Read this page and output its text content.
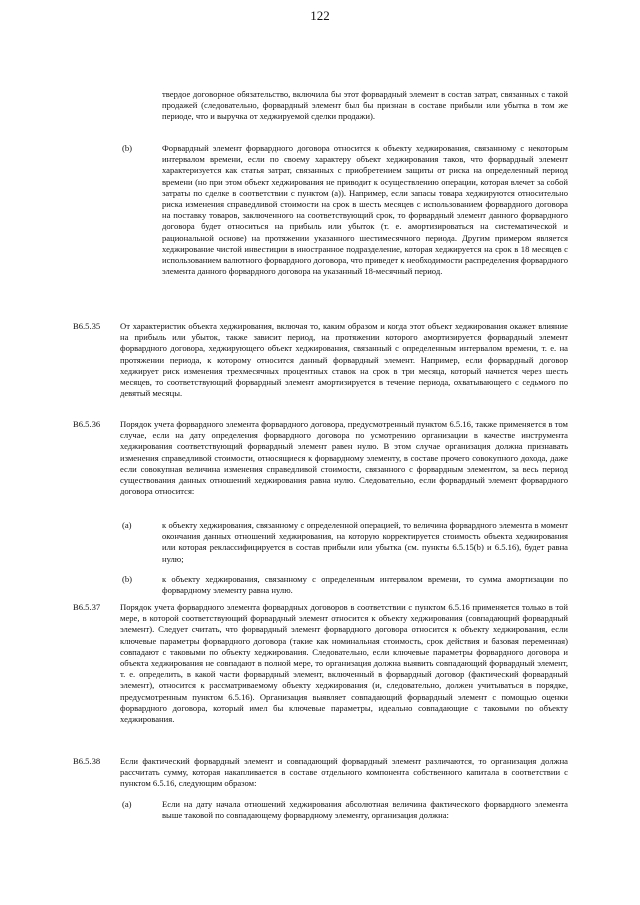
122
твердое договорное обязательство, включила бы этот форвардный элемент в состав затрат, связанных с такой продажей (следовательно, форвардный элемент был бы признан в составе прибыли или убытка в том же периоде, что и выручка от хеджируемой сделки продажи).
(b)	Форвардный элемент форвардного договора относится к объекту хеджирования, связанному с некоторым интервалом времени, если по своему характеру объект хеджирования таков, что форвардный элемент характеризуется как статья затрат, связанных с приобретением защиты от риска на определенный период времени (но при этом объект хеджирования не приводит к осуществлению операции, которая влечет за собой затраты по сделке в соответствии с пунктом (a)). Например, если запасы товара хеджируются относительно риска изменения справедливой стоимости на срок в шесть месяцев с использованием форвардного договора на поставку товаров, заключенного на соответствующий срок, то форвардный элемент данного форвардного договора будет относиться на прибыль или убыток (т. е. амортизироваться на систематической и рациональной основе) на протяжении указанного шестимесячного периода. Другим примером является хеджирование чистой инвестиции в иностранное подразделение, которая хеджируется на срок в 18 месяцев с использованием валютного форвардного договора, что приведет к необходимости распределения форвардного элемента данного форвардного договора на указанный 18-месячный период.
B6.5.35 От характеристик объекта хеджирования, включая то, каким образом и когда этот объект хеджирования окажет влияние на прибыль или убыток, также зависит период, на протяжении которого амортизируется форвардный элемент форвардного договора, хеджирующего объект хеджирования, связанный с определенным интервалом времени, т. е. на протяжении периода, к которому относится данный форвардный элемент. Например, если форвардный договор хеджирует риск изменения трехмесячных процентных ставок на срок в три месяца, который начнется через шесть месяцев, то соответствующий форвардный элемент амортизируется в течение периода, охватывающего с седьмого по девятый месяцы.
B6.5.36 Порядок учета форвардного элемента форвардного договора, предусмотренный пунктом 6.5.16, также применяется в том случае, если на дату определения форвардного договора по усмотрению организации в качестве инструмента хеджирования соответствующий форвардный элемент равен нулю. В этом случае организация должна признавать изменения справедливой стоимости, относящиеся к форвардному элементу, в составе прочего совокупного дохода, даже если совокупная величина изменения справедливой стоимости, связанного с форвардным элементом, за весь период существования данных отношений хеджирования равна нулю. Следовательно, если форвардный элемент форвардного договора относится:
(a)	к объекту хеджирования, связанному с определенной операцией, то величина форвардного элемента в момент окончания данных отношений хеджирования, на которую корректируется стоимость объекта хеджирования или которая реклассифицируется в состав прибыли или убытка (см. пункты 6.5.15(b) и 6.5.16), будет равна нулю;
(b)	к объекту хеджирования, связанному с определенным интервалом времени, то сумма амортизации по форвардному элементу равна нулю.
B6.5.37 Порядок учета форвардного элемента форвардных договоров в соответствии с пунктом 6.5.16 применяется только в той мере, в которой соответствующий форвардный элемент относится к объекту хеджирования (совпадающий форвардный элемент). Следует считать, что форвардный элемент форвардного договора относится к объекту хеджирования, если ключевые параметры форвардного договора (такие как номинальная стоимость, срок действия и базовая переменная) совпадают с таковыми по объекту хеджирования. Следовательно, если ключевые параметры форвардного договора и объекта хеджирования не совпадают в полной мере, то организация должна выявить совпадающий форвардный элемент, т. е. определить, в какой части форвардный элемент, включенный в форвардный договор (фактический форвардный элемент), относится к рассматриваемому объекту хеджирования (и, следовательно, должен учитываться в порядке, предусмотренным пунктом 6.5.16). Организация выявляет совпадающий форвардный элемент с помощью оценки форвардного договора, который имел бы ключевые параметры, идеально совпадающие с таковыми по объекту хеджирования.
B6.5.38 Если фактический форвардный элемент и совпадающий форвардный элемент различаются, то организация должна рассчитать сумму, которая накапливается в составе отдельного компонента собственного капитала в соответствии с пунктом 6.5.16, следующим образом:
(a)	Если на дату начала отношений хеджирования абсолютная величина фактического форвардного элемента выше таковой по совпадающему форвардному элементу, организация должна:
